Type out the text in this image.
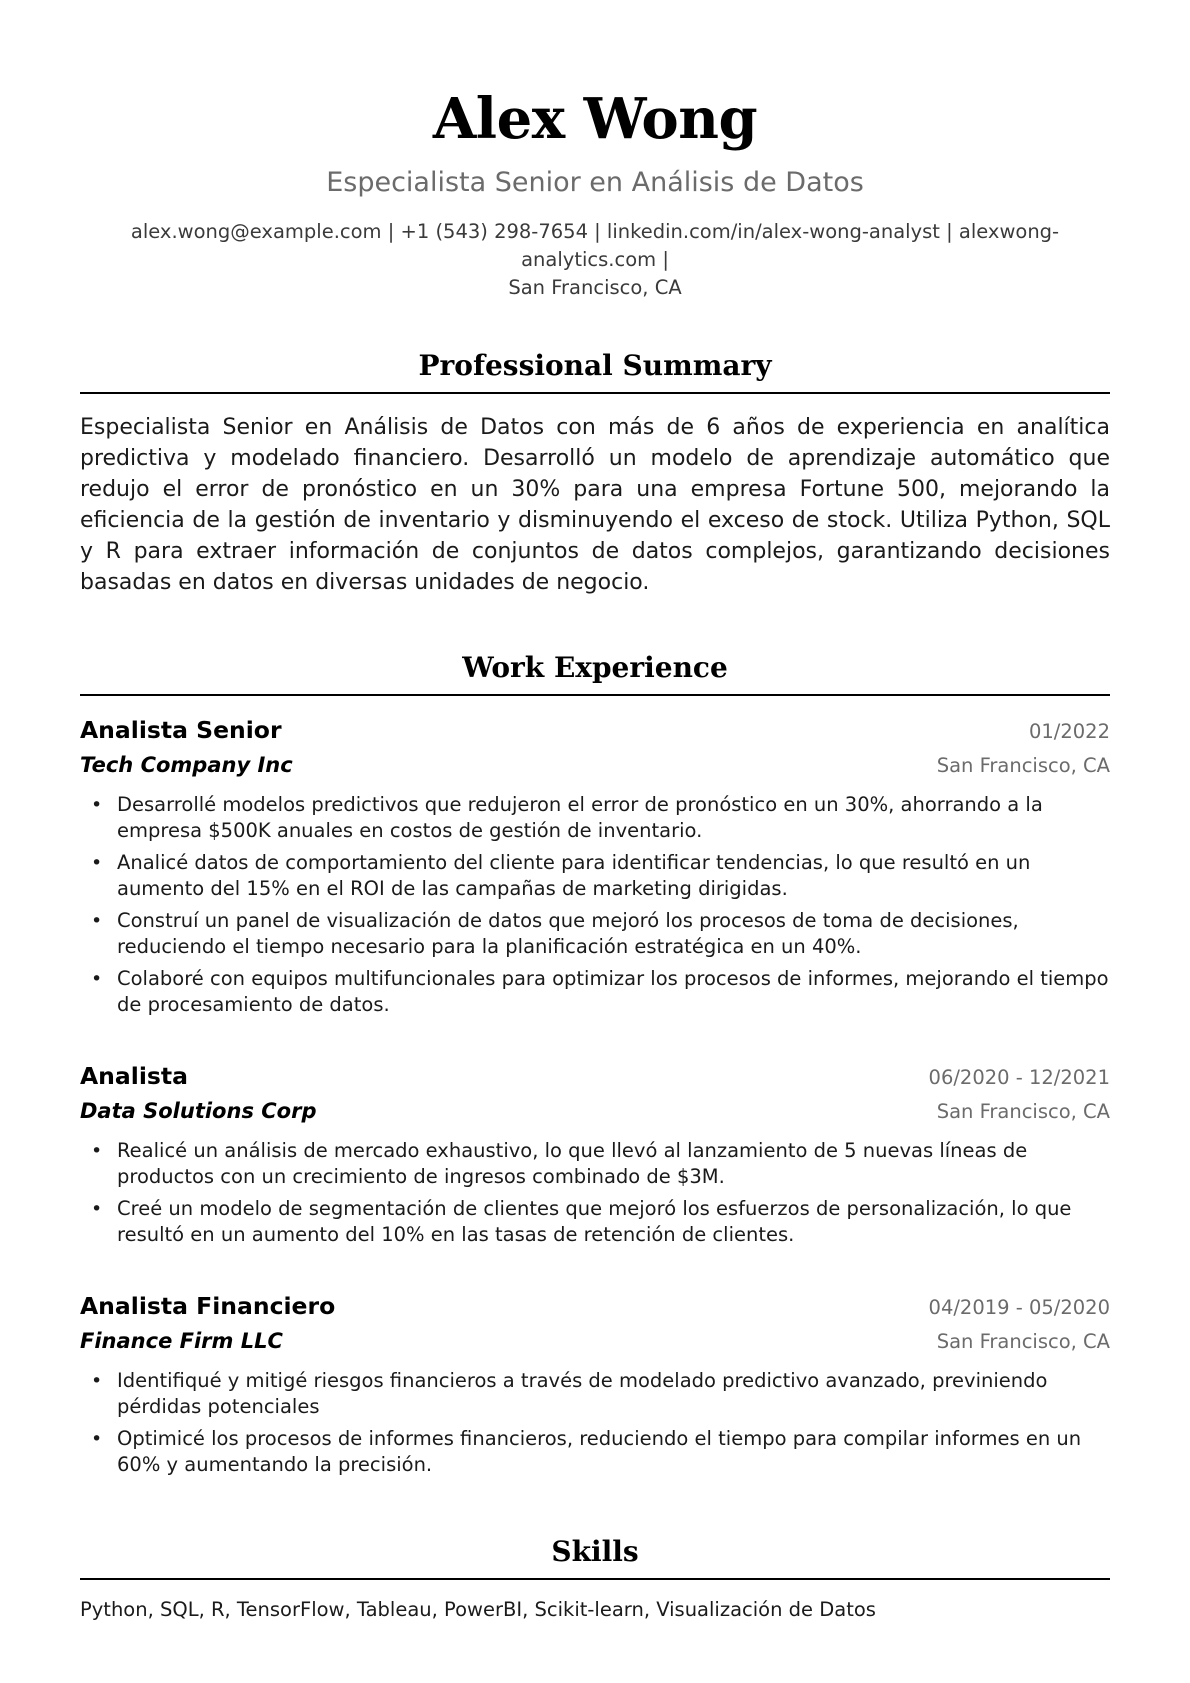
Alex Wong
Especialista Senior en Análisis de Datos
alex.wong@example.com | +1 (543) 298-7654 | linkedin.com/in/alex-wong-analyst | alexwong-analytics.com |
San Francisco, CA
Professional Summary
Especialista Senior en Análisis de Datos con más de 6 años de experiencia en analítica predictiva y modelado financiero. Desarrolló un modelo de aprendizaje automático que redujo el error de pronóstico en un 30% para una empresa Fortune 500, mejorando la eficiencia de la gestión de inventario y disminuyendo el exceso de stock. Utiliza Python, SQL y R para extraer información de conjuntos de datos complejos, garantizando decisiones basadas en datos en diversas unidades de negocio.
Work Experience
Analista Senior	01/2022
Tech Company Inc	San Francisco, CA
• Desarrollé modelos predictivos que redujeron el error de pronóstico en un 30%, ahorrando a la empresa $500K anuales en costos de gestión de inventario.
• Analicé datos de comportamiento del cliente para identificar tendencias, lo que resultó en un aumento del 15% en el ROI de las campañas de marketing dirigidas.
• Construí un panel de visualización de datos que mejoró los procesos de toma de decisiones, reduciendo el tiempo necesario para la planificación estratégica en un 40%.
• Colaboré con equipos multifuncionales para optimizar los procesos de informes, mejorando el tiempo de procesamiento de datos.
Analista	06/2020 - 12/2021
Data Solutions Corp	San Francisco, CA
• Realicé un análisis de mercado exhaustivo, lo que llevó al lanzamiento de 5 nuevas líneas de productos con un crecimiento de ingresos combinado de $3M.
• Creé un modelo de segmentación de clientes que mejoró los esfuerzos de personalización, lo que resultó en un aumento del 10% en las tasas de retención de clientes.
Analista Financiero	04/2019 - 05/2020
Finance Firm LLC	San Francisco, CA
• Identifiqué y mitigé riesgos financieros a través de modelado predictivo avanzado, previniendo pérdidas potenciales
• Optimicé los procesos de informes financieros, reduciendo el tiempo para compilar informes en un 60% y aumentando la precisión.
Skills
Python, SQL, R, TensorFlow, Tableau, PowerBI, Scikit-learn, Visualización de Datos
